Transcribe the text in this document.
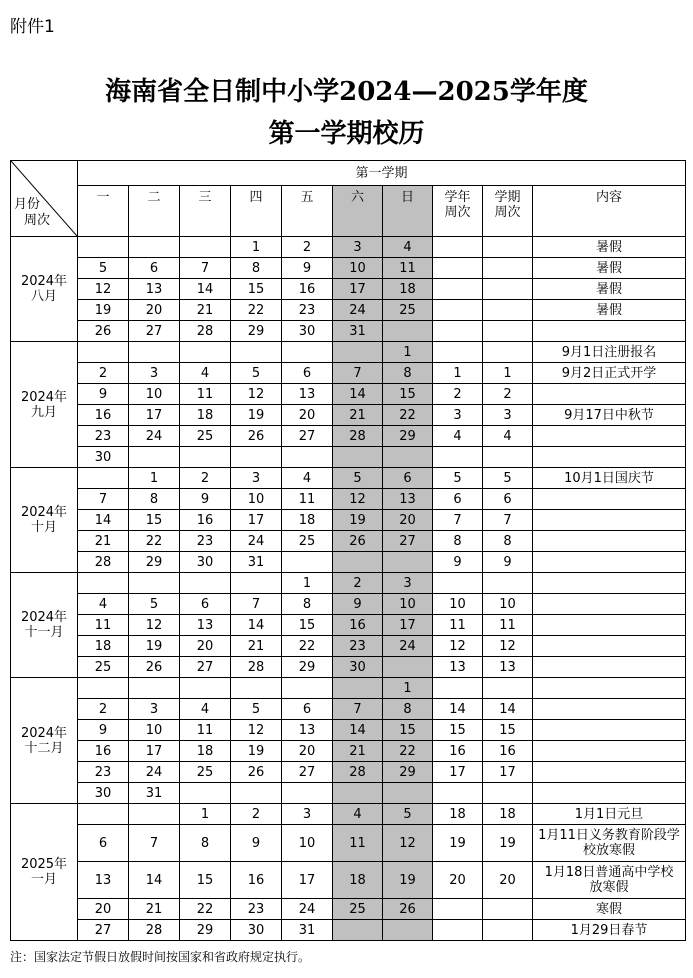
附件1
海南省全日制中小学2024—2025学年度
第一学期校历
月份
周次	第一学期									
	一	二	三	四	五	六	日	学年
周次	学期
周次	内容
2024年
八月				1	2	3	4			暑假
	5	6	7	8	9	10	11			暑假
	12	13	14	15	16	17	18			暑假
	19	20	21	22	23	24	25			暑假
	26	27	28	29	30	31				
2024年
九月							1			9月1日注册报名
	2	3	4	5	6	7	8	1	1	9月2日正式开学
	9	10	11	12	13	14	15	2	2	
	16	17	18	19	20	21	22	3	3	9月17日中秋节
	23	24	25	26	27	28	29	4	4	
	30									
2024年
十月		1	2	3	4	5	6	5	5	10月1日国庆节
	7	8	9	10	11	12	13	6	6	
	14	15	16	17	18	19	20	7	7	
	21	22	23	24	25	26	27	8	8	
	28	29	30	31				9	9	
2024年
十一月					1	2	3			
	4	5	6	7	8	9	10	10	10	
	11	12	13	14	15	16	17	11	11	
	18	19	20	21	22	23	24	12	12	
	25	26	27	28	29	30		13	13	
2024年
十二月							1			
	2	3	4	5	6	7	8	14	14	
	9	10	11	12	13	14	15	15	15	
	16	17	18	19	20	21	22	16	16	
	23	24	25	26	27	28	29	17	17	
	30	31								
2025年
一月			1	2	3	4	5	18	18	1月1日元旦
	6	7	8	9	10	11	12	19	19	1月11日义务教育阶段学
校放寒假
	13	14	15	16	17	18	19	20	20	1月18日普通高中学校
放寒假
	20	21	22	23	24	25	26			寒假
	27	28	29	30	31					1月29日春节
注：国家法定节假日放假时间按国家和省政府规定执行。
